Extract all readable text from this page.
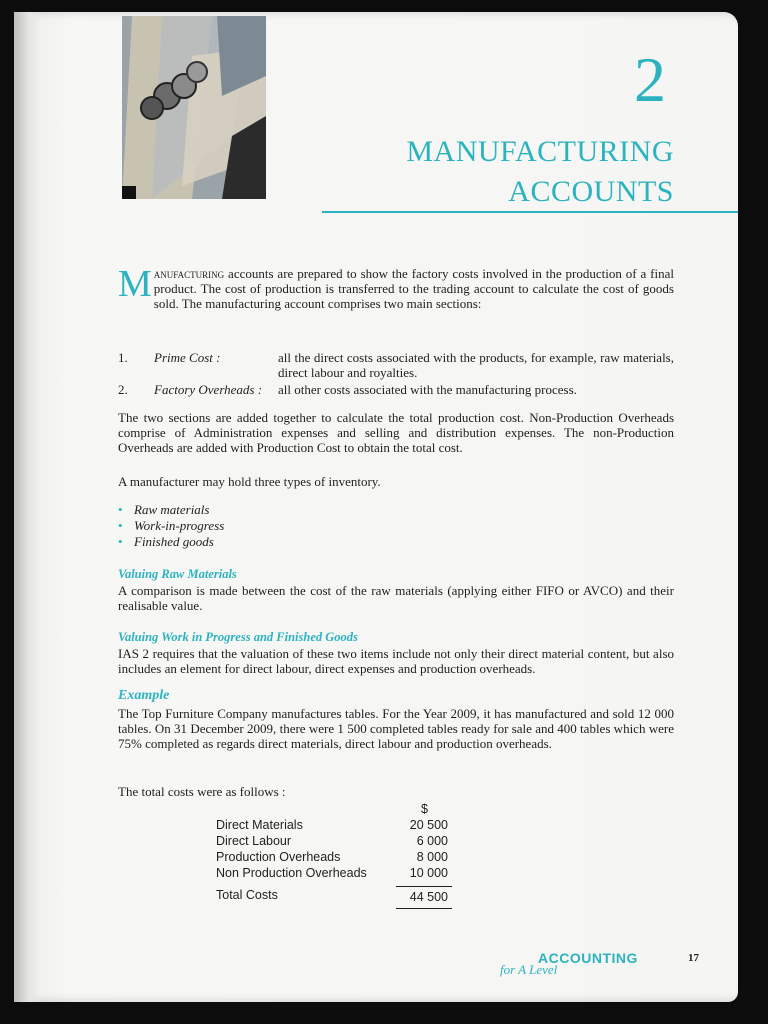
2
MANUFACTURING
ACCOUNTS
Manufacturing accounts are prepared to show the factory costs involved in the production of a final product. The cost of production is transferred to the trading account to calculate the cost of goods sold. The manufacturing account comprises two main sections:
1.	Prime Cost :	all the direct costs associated with the products, for example, raw materials, direct labour and royalties.
2.	Factory Overheads : all other costs associated with the manufacturing process.
The two sections are added together to calculate the total production cost. Non-Production Overheads comprise of Administration expenses and selling and distribution expenses. The non-Production Overheads are added with Production Cost to obtain the total cost.
A manufacturer may hold three types of inventory.
• Raw materials
• Work-in-progress
• Finished goods
Valuing Raw Materials
A comparison is made between the cost of the raw materials (applying either FIFO or AVCO) and their realisable value.
Valuing Work in Progress and Finished Goods
IAS 2 requires that the valuation of these two items include not only their direct material content, but also includes an element for direct labour, direct expenses and production overheads.
Example
The Top Furniture Company manufactures tables. For the Year 2009, it has manufactured and sold 12 000 tables. On 31 December 2009, there were 1 500 completed tables ready for sale and 400 tables which were 75% completed as regards direct materials, direct labour and production overheads.
The total costs were as follows :
$
Direct Materials	20 500
Direct Labour	6 000
Production Overheads	8 000
Non Production Overheads	10 000
Total Costs	44 500
ACCOUNTING
for A Level
17
